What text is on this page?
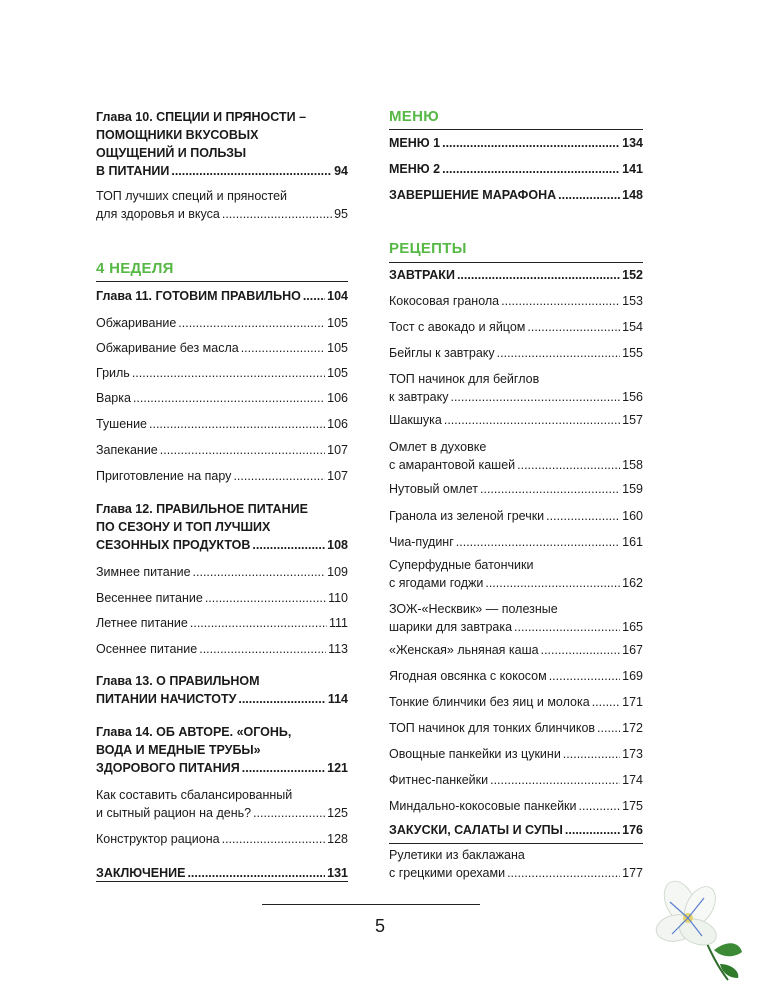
4 НЕДЕЛЯ
Глава 10. СПЕЦИИ И ПРЯНОСТИ –
ПОМОЩНИКИ ВКУСОВЫХ
ОЩУЩЕНИЙ И ПОЛЬЗЫ
В ПИТАНИИ .....	94
ТОП лучших специй и пряностей
для здоровья и вкуса .....	95
Глава 11. ГОТОВИМ ПРАВИЛЬНО ..... 104
Обжаривание .....	105
Обжаривание без масла .....	105
Гриль .....	105
Варка .....	106
Тушение .....	106
Запекание .....	107
Приготовление на пару .....	107
Глава 12. ПРАВИЛЬНОЕ ПИТАНИЕ
ПО СЕЗОНУ И ТОП ЛУЧШИХ
СЕЗОННЫХ ПРОДУКТОВ .....	108
Зимнее питание .....	109
Весеннее питание .....	110
Летнее питание .....	111
Осеннее питание .....	113
Глава 13. О ПРАВИЛЬНОМ
ПИТАНИИ НАЧИСТОТУ .....	114
Глава 14. ОБ АВТОРЕ. «ОГОНЬ,
ВОДА И МЕДНЫЕ ТРУБЫ»
ЗДОРОВОГО ПИТАНИЯ .....	121
Как составить сбалансированный
и сытный рацион на день? .....	125
Конструктор рациона .....	128
ЗАКЛЮЧЕНИЕ .....	131
МЕНЮ
РЕЦЕПТЫ
МЕНЮ 1 .....	134
МЕНЮ 2 .....	141
ЗАВЕРШЕНИЕ МАРАФОНА .....	148
ЗАВТРАКИ .....	152
Кокосовая гранола .....	153
Тост с авокадо и яйцом .....	154
Бейглы к завтраку .....	155
ТОП начинок для бейглов
к завтраку .....	156
Шакшука .....	157
Омлет в духовке
с амарантовой кашей .....	158
Нутовый омлет .....	159
Гранола из зеленой гречки .....	160
Чиа-пудинг .....	161
Суперфудные батончики
с ягодами годжи .....	162
ЗОЖ-«Несквик» — полезные
шарики для завтрака .....	165
«Женская» льняная каша .....	167
Ягодная овсянка с кокосом .....	169
Тонкие блинчики без яиц и молока .....	171
ТОП начинок для тонких блинчиков ..... 172
Овощные панкейки из цукини .....	173
Фитнес-панкейки .....	174
Миндально-кокосовые панкейки .....	175
ЗАКУСКИ, САЛАТЫ И СУПЫ .....	176
Рулетики из баклажана
с грецкими орехами .....	177
5
